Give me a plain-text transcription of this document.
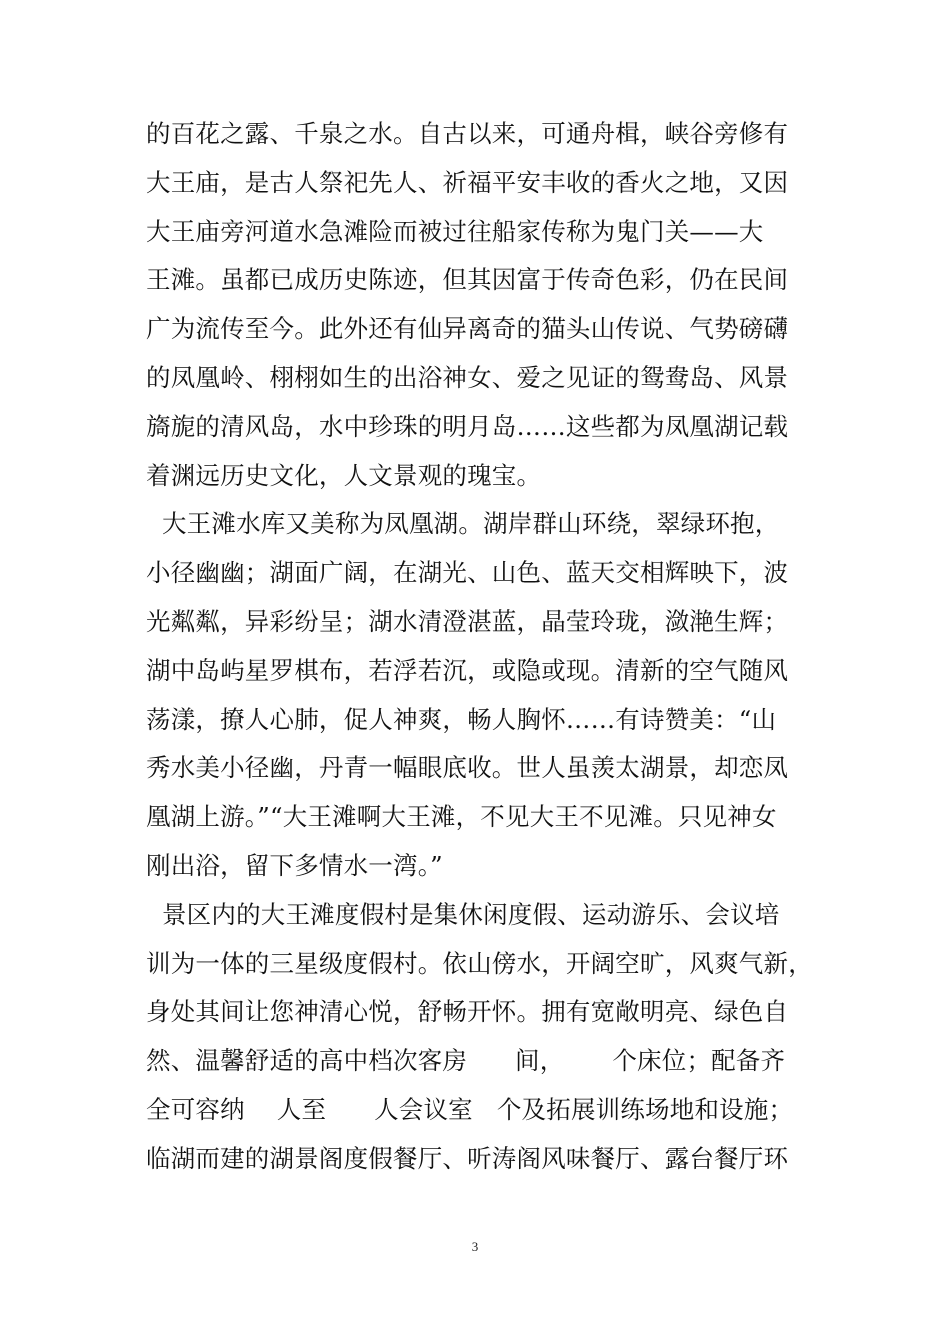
的百花之露、千泉之水。自古以来，可通舟楫，峡谷旁修有
大王庙，是古人祭祀先人、祈福平安丰收的香火之地，又因
大王庙旁河道水急滩险而被过往船家传称为鬼门关——大
王滩。虽都已成历史陈迹，但其因富于传奇色彩，仍在民间
广为流传至今。此外还有仙异离奇的猫头山传说、气势磅礴
的凤凰岭、栩栩如生的出浴神女、爱之见证的鸳鸯岛、风景
旖旎的清风岛，水中珍珠的明月岛……这些都为凤凰湖记载
着渊远历史文化，人文景观的瑰宝。
大王滩水库又美称为凤凰湖。湖岸群山环绕，翠绿环抱，
小径幽幽；湖面广阔，在湖光、山色、蓝天交相辉映下，波
光粼粼，异彩纷呈；湖水清澄湛蓝，晶莹玲珑，潋滟生辉；
湖中岛屿星罗棋布，若浮若沉，或隐或现。清新的空气随风
荡漾，撩人心肺，促人神爽，畅人胸怀……有诗赞美：“山
秀水美小径幽，丹青一幅眼底收。世人虽羡太湖景，却恋凤
凰湖上游。”“大王滩啊大王滩，不见大王不见滩。只见神女
刚出浴，留下多情水一湾。”
景区内的大王滩度假村是集休闲度假、运动游乐、会议培
训为一体的三星级度假村。依山傍水，开阔空旷，风爽气新，
身处其间让您神清心悦，舒畅开怀。拥有宽敞明亮、绿色自
然、温馨舒适的高中档次客房      间，      个床位；配备齐
全可容纳    人至      人会议室   个及拓展训练场地和设施；
临湖而建的湖景阁度假餐厅、听涛阁风味餐厅、露台餐厅环
3
